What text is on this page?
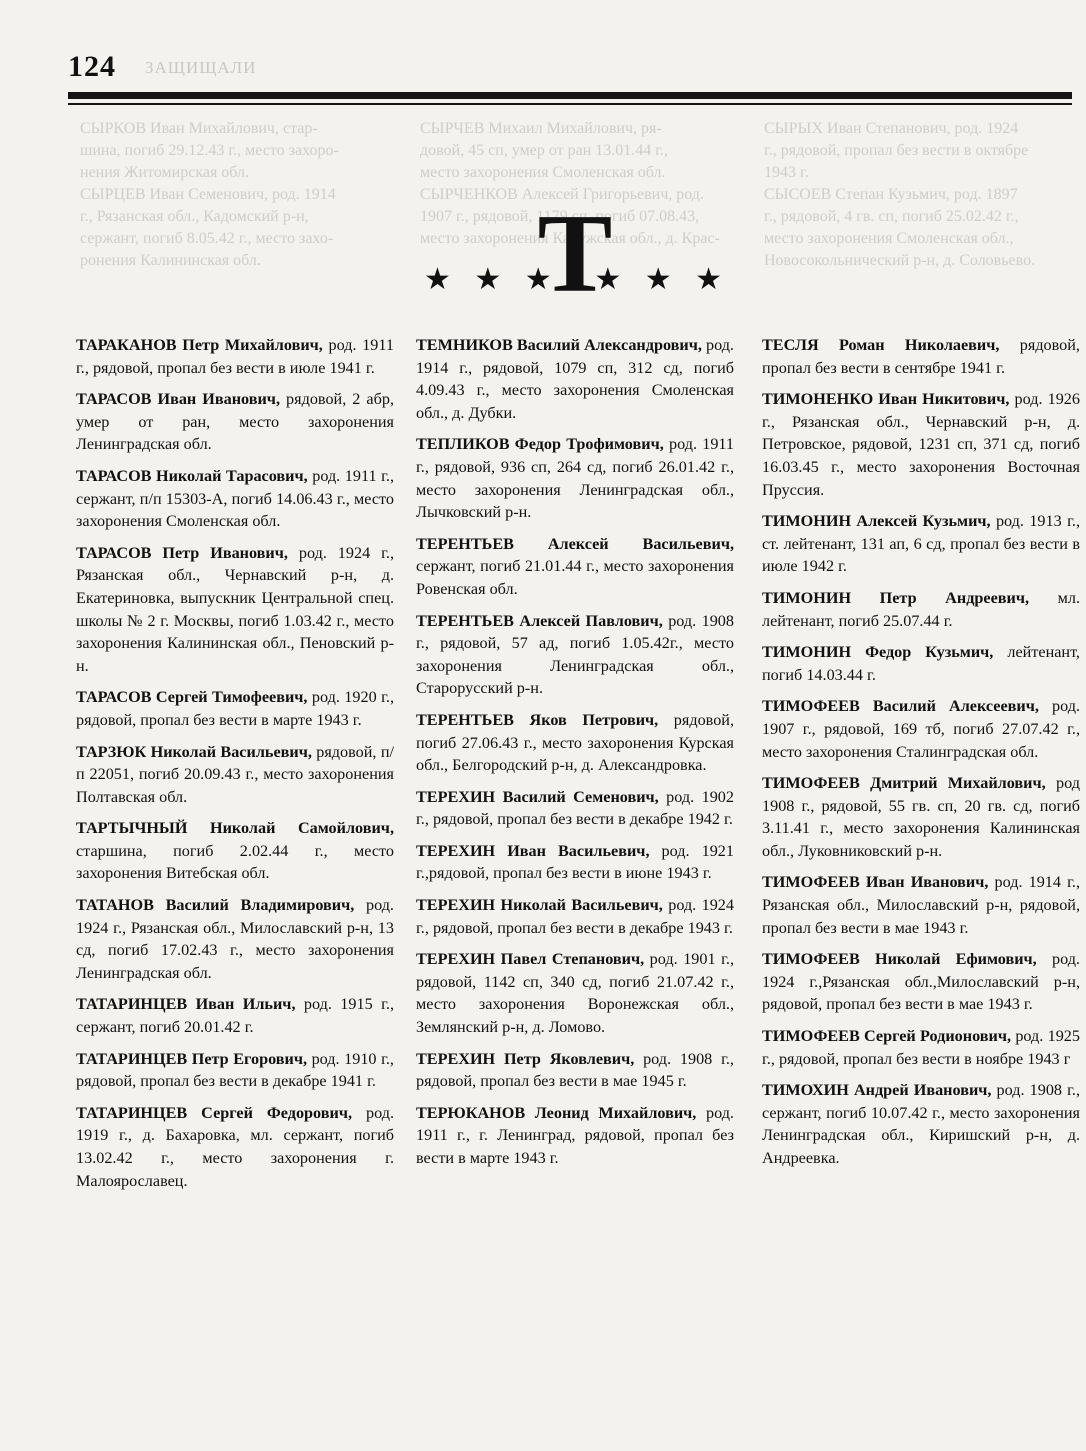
124 ЗАЩИЩАЛИ
СЫРКОВ Иван Михайлович, стар-
шина, погиб 29.12.43 г., место захоро-
нения Житомирская обл.
СЫРЦЕВ Иван Семенович, род. 1914
г., Рязанская обл., Кадомский р-н,
сержант, погиб 8.05.42 г., место захо-
ронения Калининская обл.
СЫРЧЕВ Михаил Михайлович, ря-
довой, 45 сп, умер от ран 13.01.44 г.,
место захоронения Смоленская обл.
СЫРЧЕНКОВ Алексей Григорьевич, род.
1907 г., рядовой, 1179 сп, погиб 07.08.43,
место захоронения Калужская обл., д. Крас-
СЫРЫХ Иван Степанович, род. 1924
г., рядовой, пропал без вести в октябре
1943 г.
СЫСОЕВ Степан Кузьмич, род. 1897
г., рядовой, 4 гв. сп, погиб 25.02.42 г.,
место захоронения Смоленская обл.,
Новосокольнический р-н, д. Соловьево.
Т
★ ★ ★ ★ ★ ★

ТАРАКАНОВ Петр Михайлович, род. 1911 г., рядовой, пропал без вести в июле 1941 г.

ТАРАСОВ Иван Иванович, рядовой, 2 абр, умер от ран, место захоронения Ленинградская обл.

ТАРАСОВ Николай Тарасович, род. 1911 г., сержант, п/п 15303-А, погиб 14.06.43 г., место захоронения Смоленская обл.

ТАРАСОВ Петр Иванович, род. 1924 г., Рязанская обл., Чернавский р-н, д. Екатериновка, выпускник Центральной спец. школы № 2 г. Москвы, погиб 1.03.42 г., место захоронения Калининская обл., Пеновский р-н.

ТАРАСОВ Сергей Тимофеевич, род. 1920 г., рядовой, пропал без вести в марте 1943 г.

ТАРЗЮК Николай Васильевич, рядовой, п/п 22051, погиб 20.09.43 г., место захоронения Полтавская обл.

ТАРТЫЧНЫЙ Николай Самойлович, старшина, погиб 2.02.44 г., место захоронения Витебская обл.

ТАТАНОВ Василий Владимирович, род. 1924 г., Рязанская обл., Милославский р-н, 13 сд, погиб 17.02.43 г., место захоронения Ленинградская обл.

ТАТАРИНЦЕВ Иван Ильич, род. 1915 г., сержант, погиб 20.01.42 г.

ТАТАРИНЦЕВ Петр Егорович, род. 1910 г., рядовой, пропал без вести в декабре 1941 г.

ТАТАРИНЦЕВ Сергей Федорович, род. 1919 г., д. Бахаровка, мл. сержант, погиб 13.02.42 г., место захоронения г. Малоярославец.

ТЕМНИКОВ Василий Александрович, род. 1914 г., рядовой, 1079 сп, 312 сд, погиб 4.09.43 г., место захоронения Смоленская обл., д. Дубки.

ТЕПЛИКОВ Федор Трофимович, род. 1911 г., рядовой, 936 сп, 264 сд, погиб 26.01.42 г., место захоронения Ленинградская обл., Лычковский р-н.

ТЕРЕНТЬЕВ Алексей Васильевич, сержант, погиб 21.01.44 г., место захоронения Ровенская обл.

ТЕРЕНТЬЕВ Алексей Павлович, род. 1908 г., рядовой, 57 ад, погиб 1.05.42г., место захоронения Ленинградская обл., Старорусский р-н.

ТЕРЕНТЬЕВ Яков Петрович, рядовой, погиб 27.06.43 г., место захоронения Курская обл., Белгородский р-н, д. Александровка.

ТЕРЕХИН Василий Семенович, род. 1902 г., рядовой, пропал без вести в декабре 1942 г.

ТЕРЕХИН Иван Васильевич, род. 1921 г.,рядовой, пропал без вести в июне 1943 г.

ТЕРЕХИН Николай Васильевич, род. 1924 г., рядовой, пропал без вести в декабре 1943 г.

ТЕРЕХИН Павел Степанович, род. 1901 г., рядовой, 1142 сп, 340 сд, погиб 21.07.42 г., место захоронения Воронежская обл., Землянский р-н, д. Ломово.

ТЕРЕХИН Петр Яковлевич, род. 1908 г., рядовой, пропал без вести в мае 1945 г.

ТЕРЮКАНОВ Леонид Михайлович, род. 1911 г., г. Ленинград, рядовой, пропал без вести в марте 1943 г.

ТЕСЛЯ Роман Николаевич, рядовой, пропал без вести в сентябре 1941 г.

ТИМОНЕНКО Иван Никитович, род. 1926 г., Рязанская обл., Чернавский р-н, д. Петровское, рядовой, 1231 сп, 371 сд, погиб 16.03.45 г., место захоронения Восточная Пруссия.

ТИМОНИН Алексей Кузьмич, род. 1913 г., ст. лейтенант, 131 ап, 6 сд, пропал без вести в июле 1942 г.

ТИМОНИН Петр Андреевич, мл. лейтенант, погиб 25.07.44 г.

ТИМОНИН Федор Кузьмич, лейтенант, погиб 14.03.44 г.

ТИМОФЕЕВ Василий Алексеевич, род. 1907 г., рядовой, 169 тб, погиб 27.07.42 г., место захоронения Сталинградская обл.

ТИМОФЕЕВ Дмитрий Михайлович, род 1908 г., рядовой, 55 гв. сп, 20 гв. сд, погиб 3.11.41 г., место захоронения Калининская обл., Луковниковский р-н.

ТИМОФЕЕВ Иван Иванович, род. 1914 г., Рязанская обл., Милославский р-н, рядовой, пропал без вести в мае 1943 г.

ТИМОФЕЕВ Николай Ефимович, род. 1924 г.,Рязанская обл.,Милославский р-н, рядовой, пропал без вести в мае 1943 г.

ТИМОФЕЕВ Сергей Родионович, род. 1925 г., рядовой, пропал без вести в ноябре 1943 г

ТИМОХИН Андрей Иванович, род. 1908 г., сержант, погиб 10.07.42 г., место захоронения Ленинградская обл., Киришский р-н, д. Андреевка.
